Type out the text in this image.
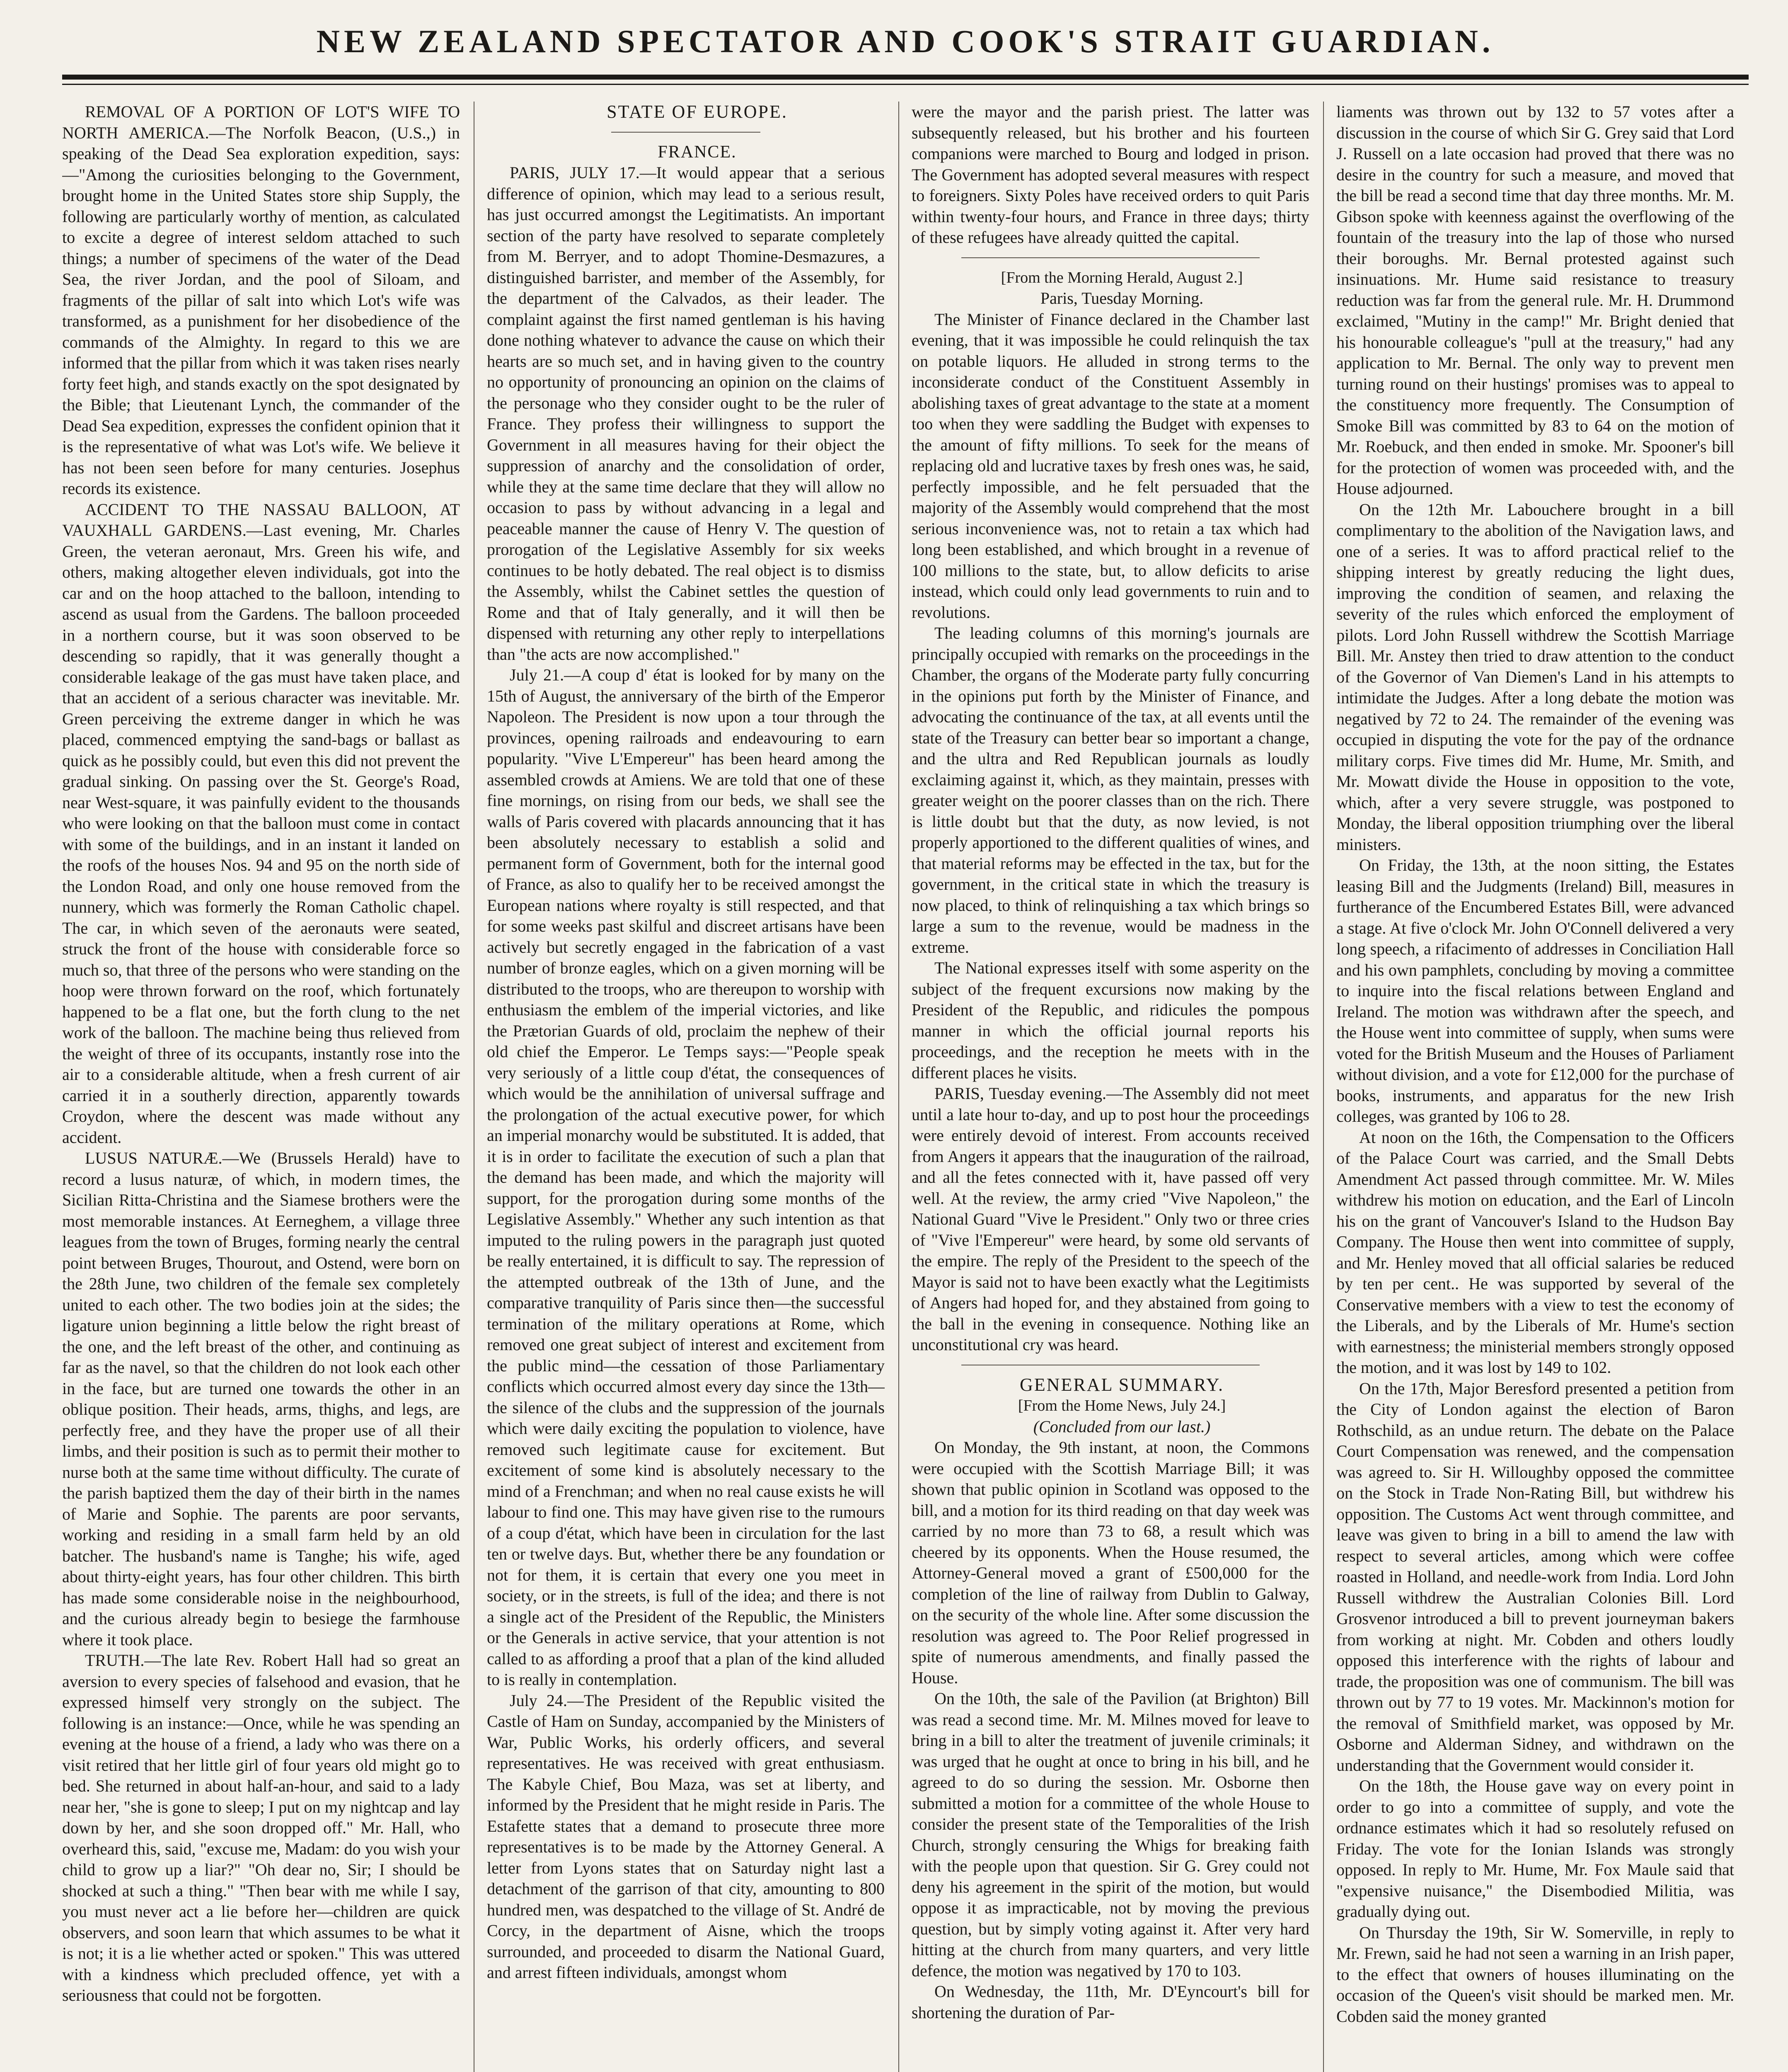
NEW ZEALAND SPECTATOR AND COOK'S STRAIT GUARDIAN.

REMOVAL OF A PORTION OF LOT'S WIFE TO NORTH AMERICA.—The Norfolk Beacon, (U.S.,) in speaking of the Dead Sea exploration expedition, says:—"Among the curiosities belonging to the Government, brought home in the United States store ship Supply, the following are particularly worthy of mention, as calculated to excite a degree of interest seldom attached to such things; a number of specimens of the water of the Dead Sea, the river Jordan, and the pool of Siloam, and fragments of the pillar of salt into which Lot's wife was transformed, as a punishment for her disobedience of the commands of the Almighty. In regard to this we are informed that the pillar from which it was taken rises nearly forty feet high, and stands exactly on the spot designated by the Bible; that Lieutenant Lynch, the commander of the Dead Sea expedition, expresses the confident opinion that it is the representative of what was Lot's wife. We believe it has not been seen before for many centuries. Josephus records its existence.

ACCIDENT TO THE NASSAU BALLOON, AT VAUXHALL GARDENS.—Last evening, Mr. Charles Green, the veteran aeronaut, Mrs. Green his wife, and others, making altogether eleven individuals, got into the car and on the hoop attached to the balloon, intending to ascend as usual from the Gardens. The balloon proceeded in a northern course, but it was soon observed to be descending so rapidly, that it was generally thought a considerable leakage of the gas must have taken place, and that an accident of a serious character was inevitable. Mr. Green perceiving the extreme danger in which he was placed, commenced emptying the sand-bags or ballast as quick as he possibly could, but even this did not prevent the gradual sinking. On passing over the St. George's Road, near West-square, it was painfully evident to the thousands who were looking on that the balloon must come in contact with some of the buildings, and in an instant it landed on the roofs of the houses Nos. 94 and 95 on the north side of the London Road, and only one house removed from the nunnery, which was formerly the Roman Catholic chapel. The car, in which seven of the aeronauts were seated, struck the front of the house with considerable force so much so, that three of the persons who were standing on the hoop were thrown forward on the roof, which fortunately happened to be a flat one, but the forth clung to the net work of the balloon. The machine being thus relieved from the weight of three of its occupants, instantly rose into the air to a considerable altitude, when a fresh current of air carried it in a southerly direction, apparently towards Croydon, where the descent was made without any accident.

LUSUS NATURÆ.—We (Brussels Herald) have to record a lusus naturæ, of which, in modern times, the Sicilian Ritta-Christina and the Siamese brothers were the most memorable instances. At Eerneghem, a village three leagues from the town of Bruges, forming nearly the central point between Bruges, Thourout, and Ostend, were born on the 28th June, two children of the female sex completely united to each other. The two bodies join at the sides; the ligature union beginning a little below the right breast of the one, and the left breast of the other, and continuing as far as the navel, so that the children do not look each other in the face, but are turned one towards the other in an oblique position. Their heads, arms, thighs, and legs, are perfectly free, and they have the proper use of all their limbs, and their position is such as to permit their mother to nurse both at the same time without difficulty. The curate of the parish baptized them the day of their birth in the names of Marie and Sophie. The parents are poor servants, working and residing in a small farm held by an old batcher. The husband's name is Tanghe; his wife, aged about thirty-eight years, has four other children. This birth has made some considerable noise in the neighbourhood, and the curious already begin to besiege the farmhouse where it took place.

TRUTH.—The late Rev. Robert Hall had so great an aversion to every species of falsehood and evasion, that he expressed himself very strongly on the subject. The following is an instance:—Once, while he was spending an evening at the house of a friend, a lady who was there on a visit retired that her little girl of four years old might go to bed. She returned in about half-an-hour, and said to a lady near her, "she is gone to sleep; I put on my nightcap and lay down by her, and she soon dropped off." Mr. Hall, who overheard this, said, "excuse me, Madam: do you wish your child to grow up a liar?" "Oh dear no, Sir; I should be shocked at such a thing." "Then bear with me while I say, you must never act a lie before her—children are quick observers, and soon learn that which assumes to be what it is not; it is a lie whether acted or spoken." This was uttered with a kindness which precluded offence, yet with a seriousness that could not be forgotten.

STATE OF EUROPE.

FRANCE.

PARIS, JULY 17.—It would appear that a serious difference of opinion, which may lead to a serious result, has just occurred amongst the Legitimatists. An important section of the party have resolved to separate completely from M. Berryer, and to adopt Thomine-Desmazures, a distinguished barrister, and member of the Assembly, for the department of the Calvados, as their leader. The complaint against the first named gentleman is his having done nothing whatever to advance the cause on which their hearts are so much set, and in having given to the country no opportunity of pronouncing an opinion on the claims of the personage who they consider ought to be the ruler of France. They profess their willingness to support the Government in all measures having for their object the suppression of anarchy and the consolidation of order, while they at the same time declare that they will allow no occasion to pass by without advancing in a legal and peaceable manner the cause of Henry V. The question of prorogation of the Legislative Assembly for six weeks continues to be hotly debated. The real object is to dismiss the Assembly, whilst the Cabinet settles the question of Rome and that of Italy generally, and it will then be dispensed with returning any other reply to interpellations than "the acts are now accomplished."

July 21.—A coup d' état is looked for by many on the 15th of August, the anniversary of the birth of the Emperor Napoleon. The President is now upon a tour through the provinces, opening railroads and endeavouring to earn popularity. "Vive L'Empereur" has been heard among the assembled crowds at Amiens. We are told that one of these fine mornings, on rising from our beds, we shall see the walls of Paris covered with placards announcing that it has been absolutely necessary to establish a solid and permanent form of Government, both for the internal good of France, as also to qualify her to be received amongst the European nations where royalty is still respected, and that for some weeks past skilful and discreet artisans have been actively but secretly engaged in the fabrication of a vast number of bronze eagles, which on a given morning will be distributed to the troops, who are thereupon to worship with enthusiasm the emblem of the imperial victories, and like the Prætorian Guards of old, proclaim the nephew of their old chief the Emperor. Le Temps says:—"People speak very seriously of a little coup d'état, the consequences of which would be the annihilation of universal suffrage and the prolongation of the actual executive power, for which an imperial monarchy would be substituted. It is added, that it is in order to facilitate the execution of such a plan that the demand has been made, and which the majority will support, for the prorogation during some months of the Legislative Assembly." Whether any such intention as that imputed to the ruling powers in the paragraph just quoted be really entertained, it is difficult to say. The repression of the attempted outbreak of the 13th of June, and the comparative tranquility of Paris since then—the successful termination of the military operations at Rome, which removed one great subject of interest and excitement from the public mind—the cessation of those Parliamentary conflicts which occurred almost every day since the 13th—the silence of the clubs and the suppression of the journals which were daily exciting the population to violence, have removed such legitimate cause for excitement. But excitement of some kind is absolutely necessary to the mind of a Frenchman; and when no real cause exists he will labour to find one. This may have given rise to the rumours of a coup d'état, which have been in circulation for the last ten or twelve days. But, whether there be any foundation or not for them, it is certain that every one you meet in society, or in the streets, is full of the idea; and there is not a single act of the President of the Republic, the Ministers or the Generals in active service, that your attention is not called to as affording a proof that a plan of the kind alluded to is really in contemplation.

July 24.—The President of the Republic visited the Castle of Ham on Sunday, accompanied by the Ministers of War, Public Works, his orderly officers, and several representatives. He was received with great enthusiasm. The Kabyle Chief, Bou Maza, was set at liberty, and informed by the President that he might reside in Paris. The Estafette states that a demand to prosecute three more representatives is to be made by the Attorney General. A letter from Lyons states that on Saturday night last a detachment of the garrison of that city, amounting to 800 hundred men, was despatched to the village of St. André de Corcy, in the department of Aisne, which the troops surrounded, and proceeded to disarm the National Guard, and arrest fifteen individuals, amongst whom

were the mayor and the parish priest. The latter was subsequently released, but his brother and his fourteen companions were marched to Bourg and lodged in prison. The Government has adopted several measures with respect to foreigners. Sixty Poles have received orders to quit Paris within twenty-four hours, and France in three days; thirty of these refugees have already quitted the capital.

[From the Morning Herald, August 2.]

Paris, Tuesday Morning.

The Minister of Finance declared in the Chamber last evening, that it was impossible he could relinquish the tax on potable liquors. He alluded in strong terms to the inconsiderate conduct of the Constituent Assembly in abolishing taxes of great advantage to the state at a moment too when they were saddling the Budget with expenses to the amount of fifty millions. To seek for the means of replacing old and lucrative taxes by fresh ones was, he said, perfectly impossible, and he felt persuaded that the majority of the Assembly would comprehend that the most serious inconvenience was, not to retain a tax which had long been established, and which brought in a revenue of 100 millions to the state, but, to allow deficits to arise instead, which could only lead governments to ruin and to revolutions.

The leading columns of this morning's journals are principally occupied with remarks on the proceedings in the Chamber, the organs of the Moderate party fully concurring in the opinions put forth by the Minister of Finance, and advocating the continuance of the tax, at all events until the state of the Treasury can better bear so important a change, and the ultra and Red Republican journals as loudly exclaiming against it, which, as they maintain, presses with greater weight on the poorer classes than on the rich. There is little doubt but that the duty, as now levied, is not properly apportioned to the different qualities of wines, and that material reforms may be effected in the tax, but for the government, in the critical state in which the treasury is now placed, to think of relinquishing a tax which brings so large a sum to the revenue, would be madness in the extreme.

The National expresses itself with some asperity on the subject of the frequent excursions now making by the President of the Republic, and ridicules the pompous manner in which the official journal reports his proceedings, and the reception he meets with in the different places he visits.

PARIS, Tuesday evening.—The Assembly did not meet until a late hour to-day, and up to post hour the proceedings were entirely devoid of interest. From accounts received from Angers it appears that the inauguration of the railroad, and all the fetes connected with it, have passed off very well. At the review, the army cried "Vive Napoleon," the National Guard "Vive le President." Only two or three cries of "Vive l'Empereur" were heard, by some old servants of the empire. The reply of the President to the speech of the Mayor is said not to have been exactly what the Legitimists of Angers had hoped for, and they abstained from going to the ball in the evening in consequence. Nothing like an unconstitutional cry was heard.

GENERAL SUMMARY.

[From the Home News, July 24.]

(Concluded from our last.)

On Monday, the 9th instant, at noon, the Commons were occupied with the Scottish Marriage Bill; it was shown that public opinion in Scotland was opposed to the bill, and a motion for its third reading on that day week was carried by no more than 73 to 68, a result which was cheered by its opponents. When the House resumed, the Attorney-General moved a grant of £500,000 for the completion of the line of railway from Dublin to Galway, on the security of the whole line. After some discussion the resolution was agreed to. The Poor Relief progressed in spite of numerous amendments, and finally passed the House.

On the 10th, the sale of the Pavilion (at Brighton) Bill was read a second time. Mr. M. Milnes moved for leave to bring in a bill to alter the treatment of juvenile criminals; it was urged that he ought at once to bring in his bill, and he agreed to do so during the session. Mr. Osborne then submitted a motion for a committee of the whole House to consider the present state of the Temporalities of the Irish Church, strongly censuring the Whigs for breaking faith with the people upon that question. Sir G. Grey could not deny his agreement in the spirit of the motion, but would oppose it as impracticable, not by moving the previous question, but by simply voting against it. After very hard hitting at the church from many quarters, and very little defence, the motion was negatived by 170 to 103.

On Wednesday, the 11th, Mr. D'Eyncourt's bill for shortening the duration of Par-

liaments was thrown out by 132 to 57 votes after a discussion in the course of which Sir G. Grey said that Lord J. Russell on a late occasion had proved that there was no desire in the country for such a measure, and moved that the bill be read a second time that day three months. Mr. M. Gibson spoke with keenness against the overflowing of the fountain of the treasury into the lap of those who nursed their boroughs. Mr. Bernal protested against such insinuations. Mr. Hume said resistance to treasury reduction was far from the general rule. Mr. H. Drummond exclaimed, "Mutiny in the camp!" Mr. Bright denied that his honourable colleague's "pull at the treasury," had any application to Mr. Bernal. The only way to prevent men turning round on their hustings' promises was to appeal to the constituency more frequently. The Consumption of Smoke Bill was committed by 83 to 64 on the motion of Mr. Roebuck, and then ended in smoke. Mr. Spooner's bill for the protection of women was proceeded with, and the House adjourned.

On the 12th Mr. Labouchere brought in a bill complimentary to the abolition of the Navigation laws, and one of a series. It was to afford practical relief to the shipping interest by greatly reducing the light dues, improving the condition of seamen, and relaxing the severity of the rules which enforced the employment of pilots. Lord John Russell withdrew the Scottish Marriage Bill. Mr. Anstey then tried to draw attention to the conduct of the Governor of Van Diemen's Land in his attempts to intimidate the Judges. After a long debate the motion was negatived by 72 to 24. The remainder of the evening was occupied in disputing the vote for the pay of the ordnance military corps. Five times did Mr. Hume, Mr. Smith, and Mr. Mowatt divide the House in opposition to the vote, which, after a very severe struggle, was postponed to Monday, the liberal opposition triumphing over the liberal ministers.

On Friday, the 13th, at the noon sitting, the Estates leasing Bill and the Judgments (Ireland) Bill, measures in furtherance of the Encumbered Estates Bill, were advanced a stage. At five o'clock Mr. John O'Connell delivered a very long speech, a rifacimento of addresses in Conciliation Hall and his own pamphlets, concluding by moving a committee to inquire into the fiscal relations between England and Ireland. The motion was withdrawn after the speech, and the House went into committee of supply, when sums were voted for the British Museum and the Houses of Parliament without division, and a vote for £12,000 for the purchase of books, instruments, and apparatus for the new Irish colleges, was granted by 106 to 28.

At noon on the 16th, the Compensation to the Officers of the Palace Court was carried, and the Small Debts Amendment Act passed through committee. Mr. W. Miles withdrew his motion on education, and the Earl of Lincoln his on the grant of Vancouver's Island to the Hudson Bay Company. The House then went into committee of supply, and Mr. Henley moved that all official salaries be reduced by ten per cent.. He was supported by several of the Conservative members with a view to test the economy of the Liberals, and by the Liberals of Mr. Hume's section with earnestness; the ministerial members strongly opposed the motion, and it was lost by 149 to 102.

On the 17th, Major Beresford presented a petition from the City of London against the election of Baron Rothschild, as an undue return. The debate on the Palace Court Compensation was renewed, and the compensation was agreed to. Sir H. Willoughby opposed the committee on the Stock in Trade Non-Rating Bill, but withdrew his opposition. The Customs Act went through committee, and leave was given to bring in a bill to amend the law with respect to several articles, among which were coffee roasted in Holland, and needle-work from India. Lord John Russell withdrew the Australian Colonies Bill. Lord Grosvenor introduced a bill to prevent journeyman bakers from working at night. Mr. Cobden and others loudly opposed this interference with the rights of labour and trade, the proposition was one of communism. The bill was thrown out by 77 to 19 votes. Mr. Mackinnon's motion for the removal of Smithfield market, was opposed by Mr. Osborne and Alderman Sidney, and withdrawn on the understanding that the Government would consider it.

On the 18th, the House gave way on every point in order to go into a committee of supply, and vote the ordnance estimates which it had so resolutely refused on Friday. The vote for the Ionian Islands was strongly opposed. In reply to Mr. Hume, Mr. Fox Maule said that "expensive nuisance," the Disembodied Militia, was gradually dying out.

On Thursday the 19th, Sir W. Somerville, in reply to Mr. Frewn, said he had not seen a warning in an Irish paper, to the effect that owners of houses illuminating on the occasion of the Queen's visit should be marked men. Mr. Cobden said the money granted
